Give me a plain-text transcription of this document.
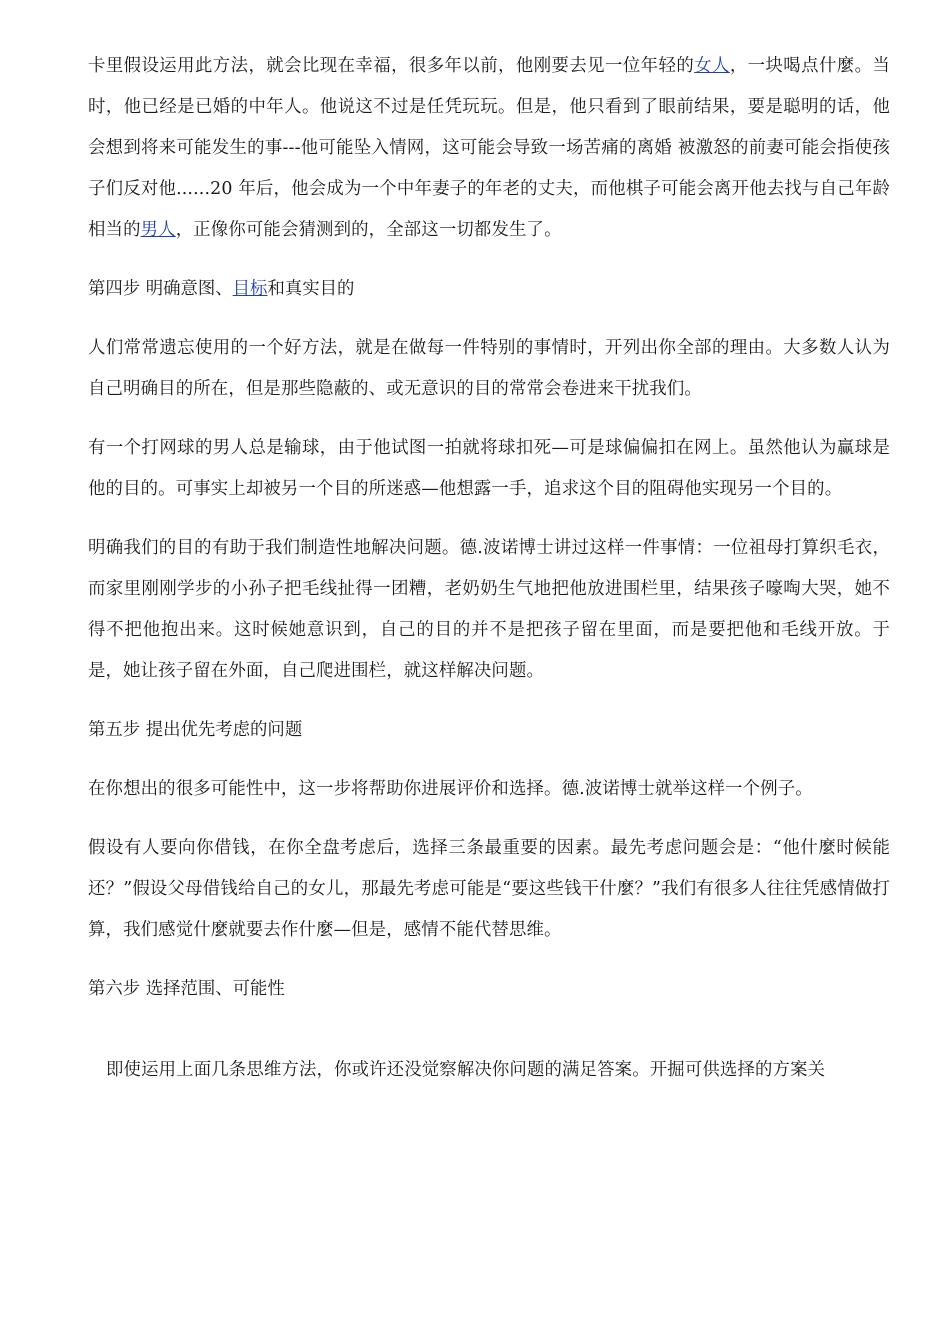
卡里假设运用此方法，就会比现在幸福，很多年以前，他刚要去见一位年轻的女人，一块喝点什麼。当时，他已经是已婚的中年人。他说这不过是任凭玩玩。但是，他只看到了眼前结果，要是聪明的话，他会想到将来可能发生的事---他可能坠入情网，这可能会导致一场苦痛的离婚 被激怒的前妻可能会指使孩子们反对他......20 年后，他会成为一个中年妻子的年老的丈夫，而他棋子可能会离开他去找与自己年龄相当的男人，正像你可能会猜测到的，全部这一切都发生了。

第四步 明确意图、目标和真实目的

人们常常遗忘使用的一个好方法，就是在做每一件特别的事情时，开列出你全部的理由。大多数人认为自己明确目的所在，但是那些隐蔽的、或无意识的目的常常会卷进来干扰我们。

有一个打网球的男人总是输球，由于他试图一拍就将球扣死—可是球偏偏扣在网上。虽然他认为赢球是他的目的。可事实上却被另一个目的所迷惑—他想露一手，追求这个目的阻碍他实现另一个目的。

明确我们的目的有助于我们制造性地解决问题。德.波诺博士讲过这样一件事情：一位祖母打算织毛衣，而家里刚刚学步的小孙子把毛线扯得一团糟，老奶奶生气地把他放进围栏里，结果孩子嚎啕大哭，她不得不把他抱出来。这时候她意识到，自己的目的并不是把孩子留在里面，而是要把他和毛线开放。于是，她让孩子留在外面，自己爬进围栏，就这样解决问题。

第五步 提出优先考虑的问题

在你想出的很多可能性中，这一步将帮助你进展评价和选择。德.波诺博士就举这样一个例子。

假设有人要向你借钱，在你全盘考虑后，选择三条最重要的因素。最先考虑问题会是：“他什麼时候能还？”假设父母借钱给自己的女儿，那最先考虑可能是“要这些钱干什麼？”我们有很多人往往凭感情做打算，我们感觉什麼就要去作什麼—但是，感情不能代替思维。

第六步 选择范围、可能性

即使运用上面几条思维方法，你或许还没觉察解决你问题的满足答案。开掘可供选择的方案关
